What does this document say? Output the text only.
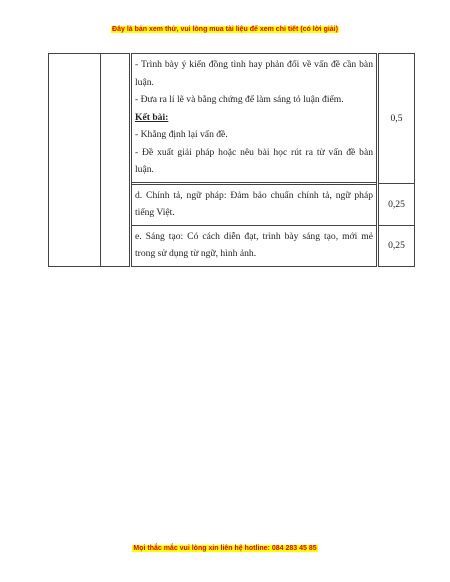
Đây là bản xem thử, vui lòng mua tài liệu để xem chi tiết (có lời giải)

		- Trình bày ý kiến đồng tình hay phản đối về vấn đề cần bàn luận.
- Đưa ra lí lẽ và bằng chứng để làm sáng tỏ luận điểm.
Kết bài:
- Khẳng định lại vấn đề.
- Đề xuất giải pháp hoặc nêu bài học rút ra từ vấn đề bàn luận.	0,5

		d. Chính tả, ngữ pháp: Đảm bảo chuẩn chính tả, ngữ pháp tiếng Việt.	0,25

		e. Sáng tạo: Có cách diễn đạt, trình bày sáng tạo, mới mẻ trong sử dụng từ ngữ, hình ảnh.	0,25
Mọi thắc mắc vui lòng xin liên hệ hotline: 084 283 45 85
